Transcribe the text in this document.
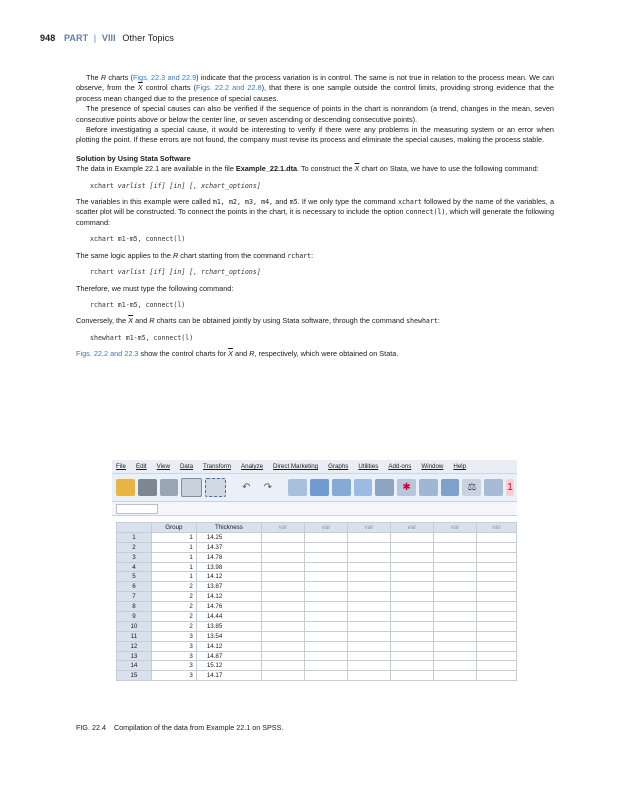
948 PART | VIII Other Topics

The R charts (Figs. 22.3 and 22.9) indicate that the process variation is in control. The same is not true in relation to the process mean. We can observe, from the $\overline{X}$ control charts (Figs. 22.2 and 22.8), that there is one sample outside the control limits, providing strong evidence that the process mean changed due to the presence of special causes.

The presence of special causes can also be verified if the sequence of points in the chart is nonrandom (a trend, changes in the mean, seven consecutive points above or below the center line, or seven ascending or descending consecutive points).

Before investigating a special cause, it would be interesting to verify if there were any problems in the measuring system or an error when plotting the point. If these errors are not found, the company must revise its process and eliminate the special causes, making the process stable.

Solution by Using Stata Software

The data in Example 22.1 are available in the file Example_22.1.dta. To construct the $\overline{X}$ chart on Stata, we have to use the following command:

xchart varlist [if] [in] [, xchart_options]

The variables in this example were called m1, m2, m3, m4, and m5. If we only type the command xchart followed by the name of the variables, a scatter plot will be constructed. To connect the points in the chart, it is necessary to include the option connect(l), which will generate the following command:

xchart m1-m5, connect(l)

The same logic applies to the R chart starting from the command rchart:

rchart varlist [if] [in] [, rchart_options]

Therefore, we must type the following command:

rchart m1-m5, connect(l)

Conversely, the $\overline{X}$ and R charts can be obtained jointly by using Stata software, through the command shewhart:

shewhart m1-m5, connect(l)

Figs. 22.2 and 22.3 show the control charts for $\overline{X}$ and R, respectively, which were obtained on Stata.

File Edit View Data Transform Analyze Direct Marketing Graphs Utilities Add-ons Window Help
↶	↷	✱	⚖	1
	Group	Thickness	var	var	var	var	var	var
1	1	14.25						
2	1	14.37						
3	1	14.78						
4	1	13.98						
5	1	14.12						
6	2	13.87						
7	2	14.12						
8	2	14.76						
9	2	14.44						
10	2	13.85						
11	3	13.54						
12	3	14.12						
13	3	14.87						
14	3	15.12						
15	3	14.17						
FIG. 22.4 Compilation of the data from Example 22.1 on SPSS.
